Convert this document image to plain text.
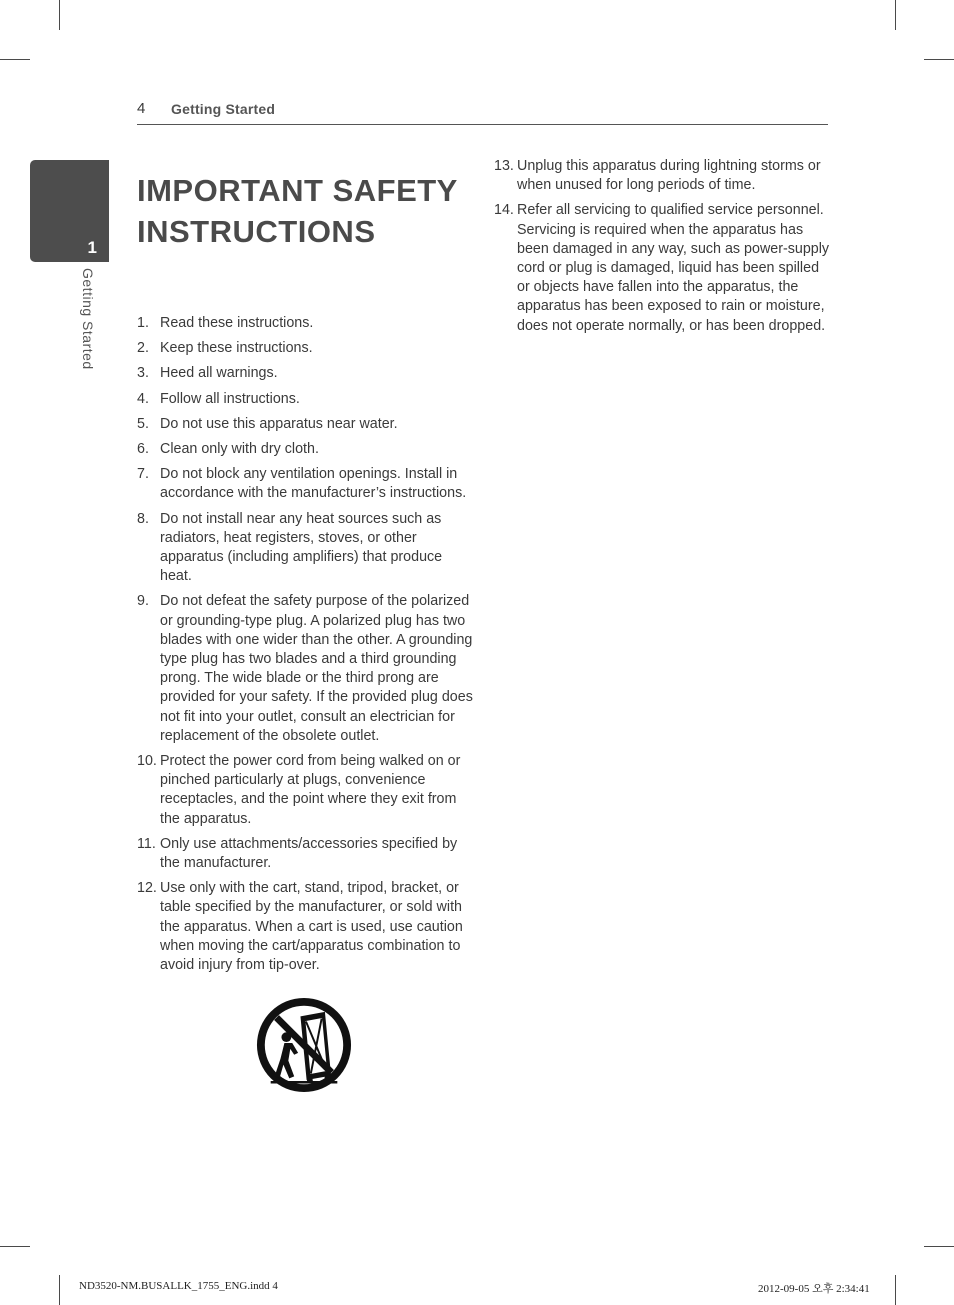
4 Getting Started
1
Getting Started
IMPORTANT SAFETY
INSTRUCTIONS
1. Read these instructions.
2. Keep these instructions.
3. Heed all warnings.
4. Follow all instructions.
5. Do not use this apparatus near water.
6. Clean only with dry cloth.
7. Do not block any ventilation openings. Install in accordance with the manufacturer’s instructions.
8. Do not install near any heat sources such as radiators, heat registers, stoves, or other apparatus (including amplifiers) that produce heat.
9. Do not defeat the safety purpose of the polarized or grounding-type plug. A polarized plug has two blades with one wider than the other. A grounding type plug has two blades and a third grounding prong. The wide blade or the third prong are provided for your safety. If the provided plug does not fit into your outlet, consult an electrician for replacement of the obsolete outlet.
10. Protect the power cord from being walked on or pinched particularly at plugs, convenience receptacles, and the point where they exit from the apparatus.
11. Only use attachments/accessories specified by the manufacturer.
12. Use only with the cart, stand, tripod, bracket, or table specified by the manufacturer, or sold with the apparatus. When a cart is used, use caution when moving the cart/apparatus combination to avoid injury from tip-over.
13. Unplug this apparatus during lightning storms or when unused for long periods of time.
14. Refer all servicing to qualified service personnel. Servicing is required when the apparatus has been damaged in any way, such as power-supply cord or plug is damaged, liquid has been spilled or objects have fallen into the apparatus, the apparatus has been exposed to rain or moisture, does not operate normally, or has been dropped.
ND3520-NM.BUSALLK_1755_ENG.indd 4	2012-09-05 오후 2:34:41
